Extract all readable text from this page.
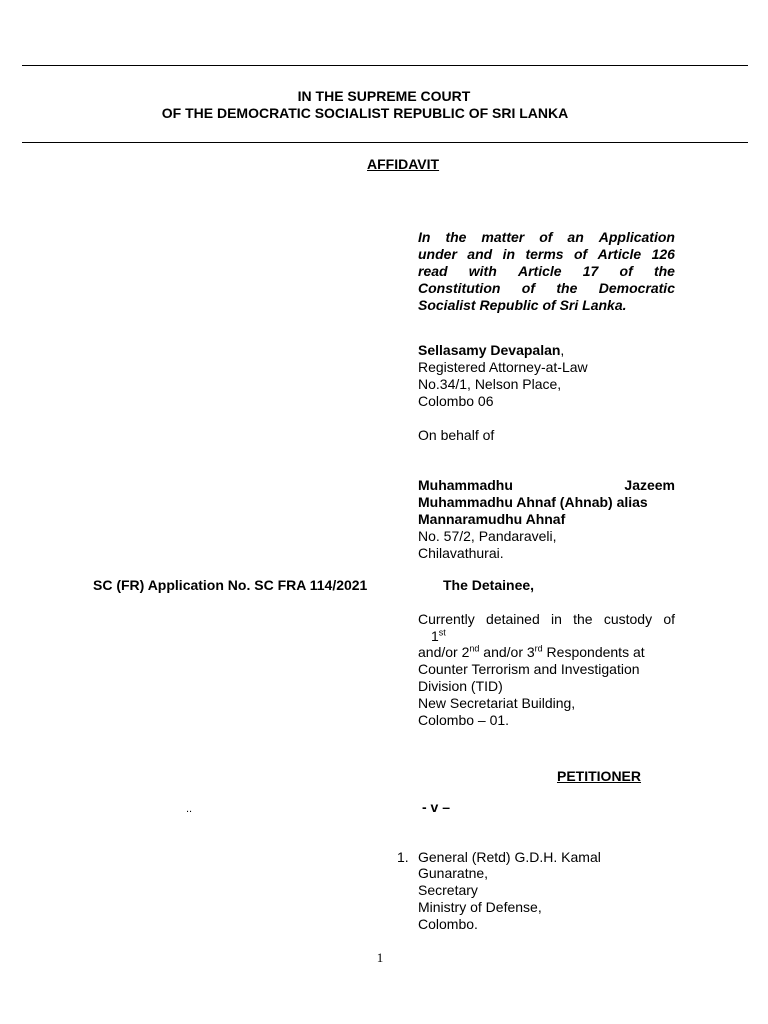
IN THE SUPREME COURT
OF THE DEMOCRATIC SOCIALIST REPUBLIC OF SRI LANKA
AFFIDAVIT
In the matter of an Application
under and in terms of Article 126
read with Article 17 of the
Constitution of the Democratic
Socialist Republic of Sri Lanka.
Sellasamy Devapalan,
Registered Attorney-at-Law
No.34/1, Nelson Place,
Colombo 06
On behalf of
Muhammadhu	Jazeem
Muhammadhu Ahnaf (Ahnab) alias
Mannaramudhu Ahnaf
No. 57/2, Pandaraveli,
Chilavathurai.
SC (FR) Application No. SC FRA 114/2021	The Detainee,
Currently detained in the custody of
1st
and/or 2nd and/or 3rd Respondents at
Counter Terrorism and Investigation
Division (TID)
New Secretariat Building,
Colombo – 01.
PETITIONER
..	- v –
1. General (Retd) G.D.H. Kamal
Gunaratne,
Secretary
Ministry of Defense,
Colombo.
1
